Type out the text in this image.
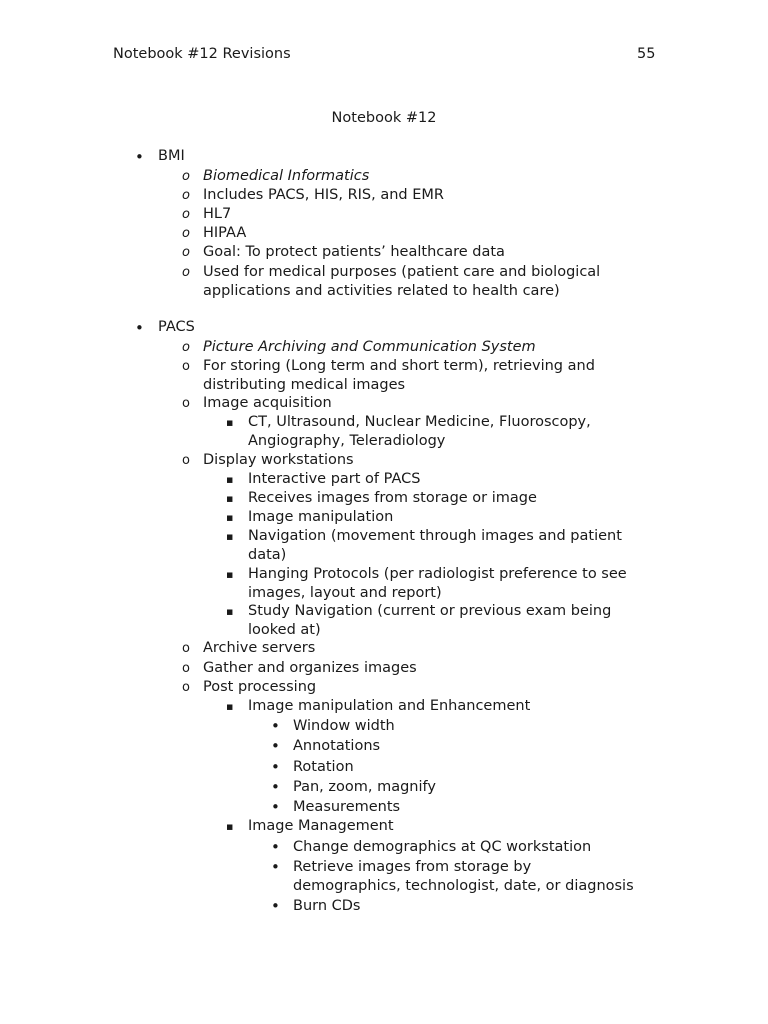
Notebook #12 Revisions	55
Notebook #12
• BMI
o Biomedical Informatics
o Includes PACS, HIS, RIS, and EMR
o HL7
o HIPAA
o Goal: To protect patients’ healthcare data
o Used for medical purposes (patient care and biological
applications and activities related to health care)
• PACS
o Picture Archiving and Communication System
o For storing (Long term and short term), retrieving and
distributing medical images
o Image acquisition
▪ CT, Ultrasound, Nuclear Medicine, Fluoroscopy,
Angiography, Teleradiology
o Display workstations
▪ Interactive part of PACS
▪ Receives images from storage or image
▪ Image manipulation
▪ Navigation (movement through images and patient
data)
▪ Hanging Protocols (per radiologist preference to see
images, layout and report)
▪ Study Navigation (current or previous exam being
looked at)
o Archive servers
o Gather and organizes images
o Post processing
▪ Image manipulation and Enhancement
• Window width
• Annotations
• Rotation
• Pan, zoom, magnify
• Measurements
▪ Image Management
• Change demographics at QC workstation
• Retrieve images from storage by
demographics, technologist, date, or diagnosis
• Burn CDs
